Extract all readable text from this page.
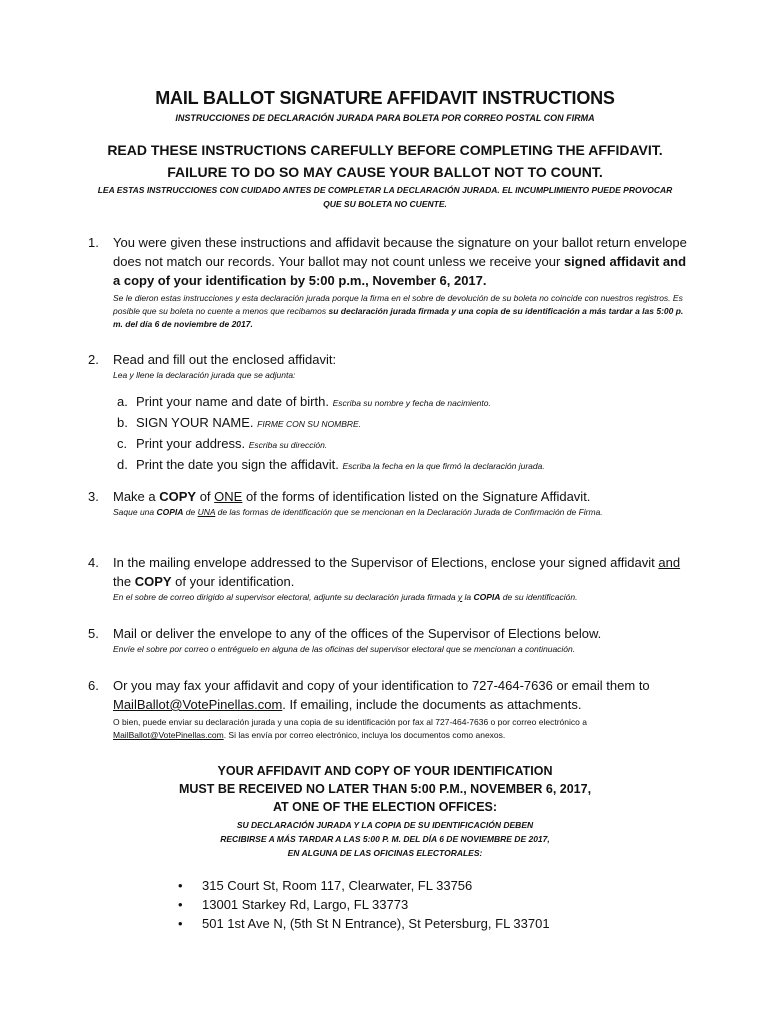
MAIL BALLOT SIGNATURE AFFIDAVIT INSTRUCTIONS
INSTRUCCIONES DE DECLARACIÓN JURADA PARA BOLETA POR CORREO POSTAL CON FIRMA
READ THESE INSTRUCTIONS CAREFULLY BEFORE COMPLETING THE AFFIDAVIT.
FAILURE TO DO SO MAY CAUSE YOUR BALLOT NOT TO COUNT.
LEA ESTAS INSTRUCCIONES CON CUIDADO ANTES DE COMPLETAR LA DECLARACIÓN JURADA. EL INCUMPLIMIENTO PUEDE PROVOCAR QUE SU BOLETA NO CUENTE.
1. You were given these instructions and affidavit because the signature on your ballot return envelope does not match our records. Your ballot may not count unless we receive your signed affidavit and a copy of your identification by 5:00 p.m., November 6, 2017.
Se le dieron estas instrucciones y esta declaración jurada porque la firma en el sobre de devolución de su boleta no coincide con nuestros registros. Es posible que su boleta no cuente a menos que recibamos su declaración jurada firmada y una copia de su identificación a más tardar a las 5:00 p. m. del día 6 de noviembre de 2017.
2. Read and fill out the enclosed affidavit:
Lea y llene la declaración jurada que se adjunta:
a. Print your name and date of birth. Escriba su nombre y fecha de nacimiento.
b. SIGN YOUR NAME. FIRME CON SU NOMBRE.
c. Print your address. Escriba su dirección.
d. Print the date you sign the affidavit. Escriba la fecha en la que firmó la declaración jurada.
3. Make a COPY of ONE of the forms of identification listed on the Signature Affidavit.
Saque una COPIA de UNA de las formas de identificación que se mencionan en la Declaración Jurada de Confirmación de Firma.
4. In the mailing envelope addressed to the Supervisor of Elections, enclose your signed affidavit and the COPY of your identification.
En el sobre de correo dirigido al supervisor electoral, adjunte su declaración jurada firmada y la COPIA de su identificación.
5. Mail or deliver the envelope to any of the offices of the Supervisor of Elections below.
Envíe el sobre por correo o entréguelo en alguna de las oficinas del supervisor electoral que se mencionan a continuación.
6. Or you may fax your affidavit and copy of your identification to 727-464-7636 or email them to MailBallot@VotePinellas.com. If emailing, include the documents as attachments.
O bien, puede enviar su declaración jurada y una copia de su identificación por fax al 727-464-7636 o por correo electrónico a MailBallot@VotePinellas.com. Si las envía por correo electrónico, incluya los documentos como anexos.
YOUR AFFIDAVIT AND COPY OF YOUR IDENTIFICATION
MUST BE RECEIVED NO LATER THAN 5:00 P.M., NOVEMBER 6, 2017,
AT ONE OF THE ELECTION OFFICES:
SU DECLARACIÓN JURADA Y LA COPIA DE SU IDENTIFICACIÓN DEBEN
RECIBIRSE A MÁS TARDAR A LAS 5:00 P. M. DEL DÍA 6 DE NOVIEMBRE DE 2017,
EN ALGUNA DE LAS OFICINAS ELECTORALES:
• 315 Court St, Room 117, Clearwater, FL 33756
• 13001 Starkey Rd, Largo, FL 33773
• 501 1st Ave N, (5th St N Entrance), St Petersburg, FL 33701
